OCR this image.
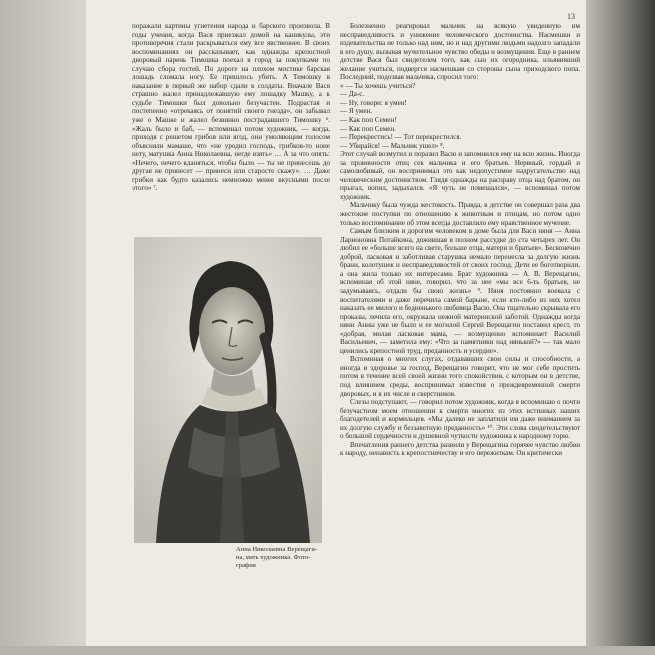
13

поражали картины угнетения народа и барского произвола. В годы учения, когда Вася приезжал домой на каникулы, эти противоречия стали раскрываться ему все явственнее. В своих воспоминаниях он рассказывает, как однажды крепостной дворовый парень Тимошка поехал в город за покупками по случаю сбора гостей. По дороге на плохом мостике барская лошадь сломала ногу. Ее пришлось убить. А Тимошку в наказание в первый же набор сдали в солдаты. Вначале Вася страшно жалел принадлежавшую ему лошадку Машку, а к судьбе Тимошки был довольно безучастен. Подрастая и постепенно «отрекаясь от понятий своего гнезда», он забывал уже о Машке и жалел безвинно пострадавшего Тимошку ⁶. «Жаль было и баб, — вспоминал потом художник, — когда, приходя с решетом грибов или ягод, они умоляющим голосом объясняли мамаше, что «не уродил господь, грибков-то ноне нету, матушка Анна Николаевна, негде взять» … А за что опять: «Нечего, нечего кланяться, чтобы было — ты не принесешь до другая не принесет — принеси или старосте скажу». … Даже грибки как будто казались немножко менее вкусными после этого» ⁷.

Анна Николаевна Верещаги-
на, мать художника. Фото-
графия

Болезненно реагировал мальчик на всякую увиденную им несправедливость и унижение человеческого достоинства. Насмешки и издевательства не только над ним, но и над другими людьми надолго западали в его душу, вызывая мучительное чувство обиды и возмущения. Еще в раннем детстве Вася был свидетелем того, как сын их огородника, изъявивший желание учиться, подвергся насмешкам со стороны сына приходского попа. Последний, подозвав мальчика, спросил того:

« — Ты хочешь учиться?
— Да-с.
— Ну, говори: я умен!
— Я умен.
— Как поп Семен!
— Как поп Семен.
— Перекрестись! — Тот перекрестился.
— Убирайся! — Мальчик ушел» ⁸.

Этот случай возмутил и поразил Васю и запомнился ему на всю жизнь. Иногда за провинности отец сек мальчика и его братьев. Нервный, гордый и самолюбивый, он воспринимал это как недопустимое надругательство над человеческим достоинством. Глядя однажды на расправу отца над братом, он прыгал, вопил, задыхался. «Я чуть не помешался», — вспоминал потом художник.

Мальчику была чужда жестокость. Правда, в детстве он совершал раза два жестокие поступки по отношению к животным и птицам, но потом одно только воспоминание об этом всегда доставляло ему нравственное мучение.

Самым близким и дорогим человеком в доме была для Васи няня — Анна Ларионовна Потайкина, дожившая в полном рассудке до ста четырех лет. Он любил ее «больше всего на свете, больше отца, матери и братьев». Бесконечно доброй, ласковая и заботливая старушка немало перенесла за долгую жизнь брани, колотушек и несправедливостей от своих господ. Дети ее боготворили, а она жила только их интересами. Брат художника — А. В. Верещагин, вспоминая об этой няне, говорил, что за нее «мы все 6-ть братьев, не задумываясь, отдали бы свою жизнь» ⁹. Няня постоянно воевала с воспитателями и даже перечила самой барыне, если кто-либо из них хотел наказать ее милого и бедненького любимца Васю. Она тщательно скрывала его проказы, лечила его, окружала нежной материнской заботой. Однажды когда няни Анны уже не было и ее могилой Сергей Верещагин поставил крест, то «добрая, милая ласковая мама, — возмущенно вспоминает Василий Васильевич, — заметила ему: «Что за памятники над нянькой?» — так мало ценились крепостной труд, преданность и усердие».

Вспоминая о многих слугах, отдававших свои силы и способности, а иногда и здоровье за господ, Верещагин говорит, что не мог себе простить потом в течение всей своей жизни того спокойствия, с которым он в детстве, под влиянием среды, воспринимал известия о преждевременной смерти дворовых, и в их числе и сверстников.

Слезы подступают, — говорил потом художник, когда я вспоминаю о почти безучастном моем отношении к смерти многих из этих истинных наших благодетелей и кормильцев. «Мы далеко не заплатили им даже вниманием за их долгую службу и беззаветную преданность» ¹⁰. Эти слова свидетельствуют о большой сердечности и душевной чуткости художника к народному горю.

Впечатления раннего детства развили у Верещагина горячее чувство любви к народу, ненависть к крепостничеству и его пережиткам. Он критически
